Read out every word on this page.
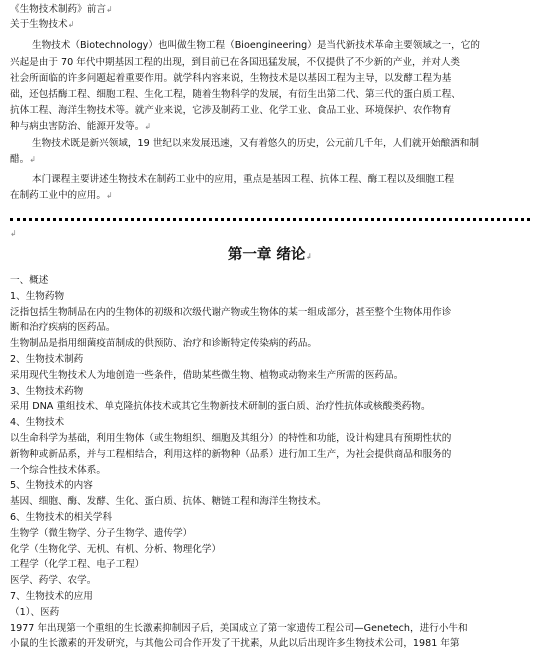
《生物技术制药》前言↲
关于生物技术↲
生物技术（Biotechnology）也叫做生物工程（Bioengineering）是当代新技术革命主要领域之一，它的
兴起是由于 70 年代中期基因工程的出现，到目前已在各国迅猛发展，不仅提供了不少新的产业，并对人类
社会所面临的许多问题起着重要作用。就学科内容来说，生物技术是以基因工程为主导，以发酵工程为基
础，还包括酶工程、细胞工程、生化工程，随着生物科学的发展，有衍生出第二代、第三代的蛋白质工程、
抗体工程、海洋生物技术等。就产业来说，它涉及制药工业、化学工业、食品工业、环境保护、农作物育
种与病虫害防治、能源开发等。↲
生物技术既是新兴领域，19 世纪以来发展迅速，又有着悠久的历史，公元前几千年，人们就开始酿酒和制
醋。↲
本门课程主要讲述生物技术在制药工业中的应用，重点是基因工程、抗体工程、酶工程以及细胞工程
在制药工业中的应用。↲
↲
第一章 绪论↲
一、概述
1、生物药物
泛指包括生物制品在内的生物体的初级和次级代谢产物或生物体的某一组成部分，甚至整个生物体用作诊
断和治疗疾病的医药品。
生物制品是指用细菌疫苗制成的供预防、治疗和诊断特定传染病的药品。
2、生物技术制药
采用现代生物技术人为地创造一些条件，借助某些微生物、植物或动物来生产所需的医药品。
3、生物技术药物
采用 DNA 重组技术、单克隆抗体技术或其它生物新技术研制的蛋白质、治疗性抗体或核酸类药物。
4、生物技术
以生命科学为基础，利用生物体（或生物组织、细胞及其组分）的特性和功能，设计构建具有预期性状的
新物种或新品系，并与工程相结合，利用这样的新物种（品系）进行加工生产，为社会提供商品和服务的
一个综合性技术体系。
5、生物技术的内容
基因、细胞、酶、发酵、生化、蛋白质、抗体、糖链工程和海洋生物技术。
6、生物技术的相关学科
生物学（微生物学、分子生物学、遗传学）
化学（生物化学、无机、有机、分析、物理化学）
工程学（化学工程、电子工程）
医学、药学、农学。
7、生物技术的应用
（1）、医药
1977 年出现第一个重组的生长激素抑制因子后，美国成立了第一家遗传工程公司—Genetech，进行小牛和
小鼠的生长激素的开发研究，与其他公司合作开发了干扰素，从此以后出现许多生物技术公司，1981 年第
